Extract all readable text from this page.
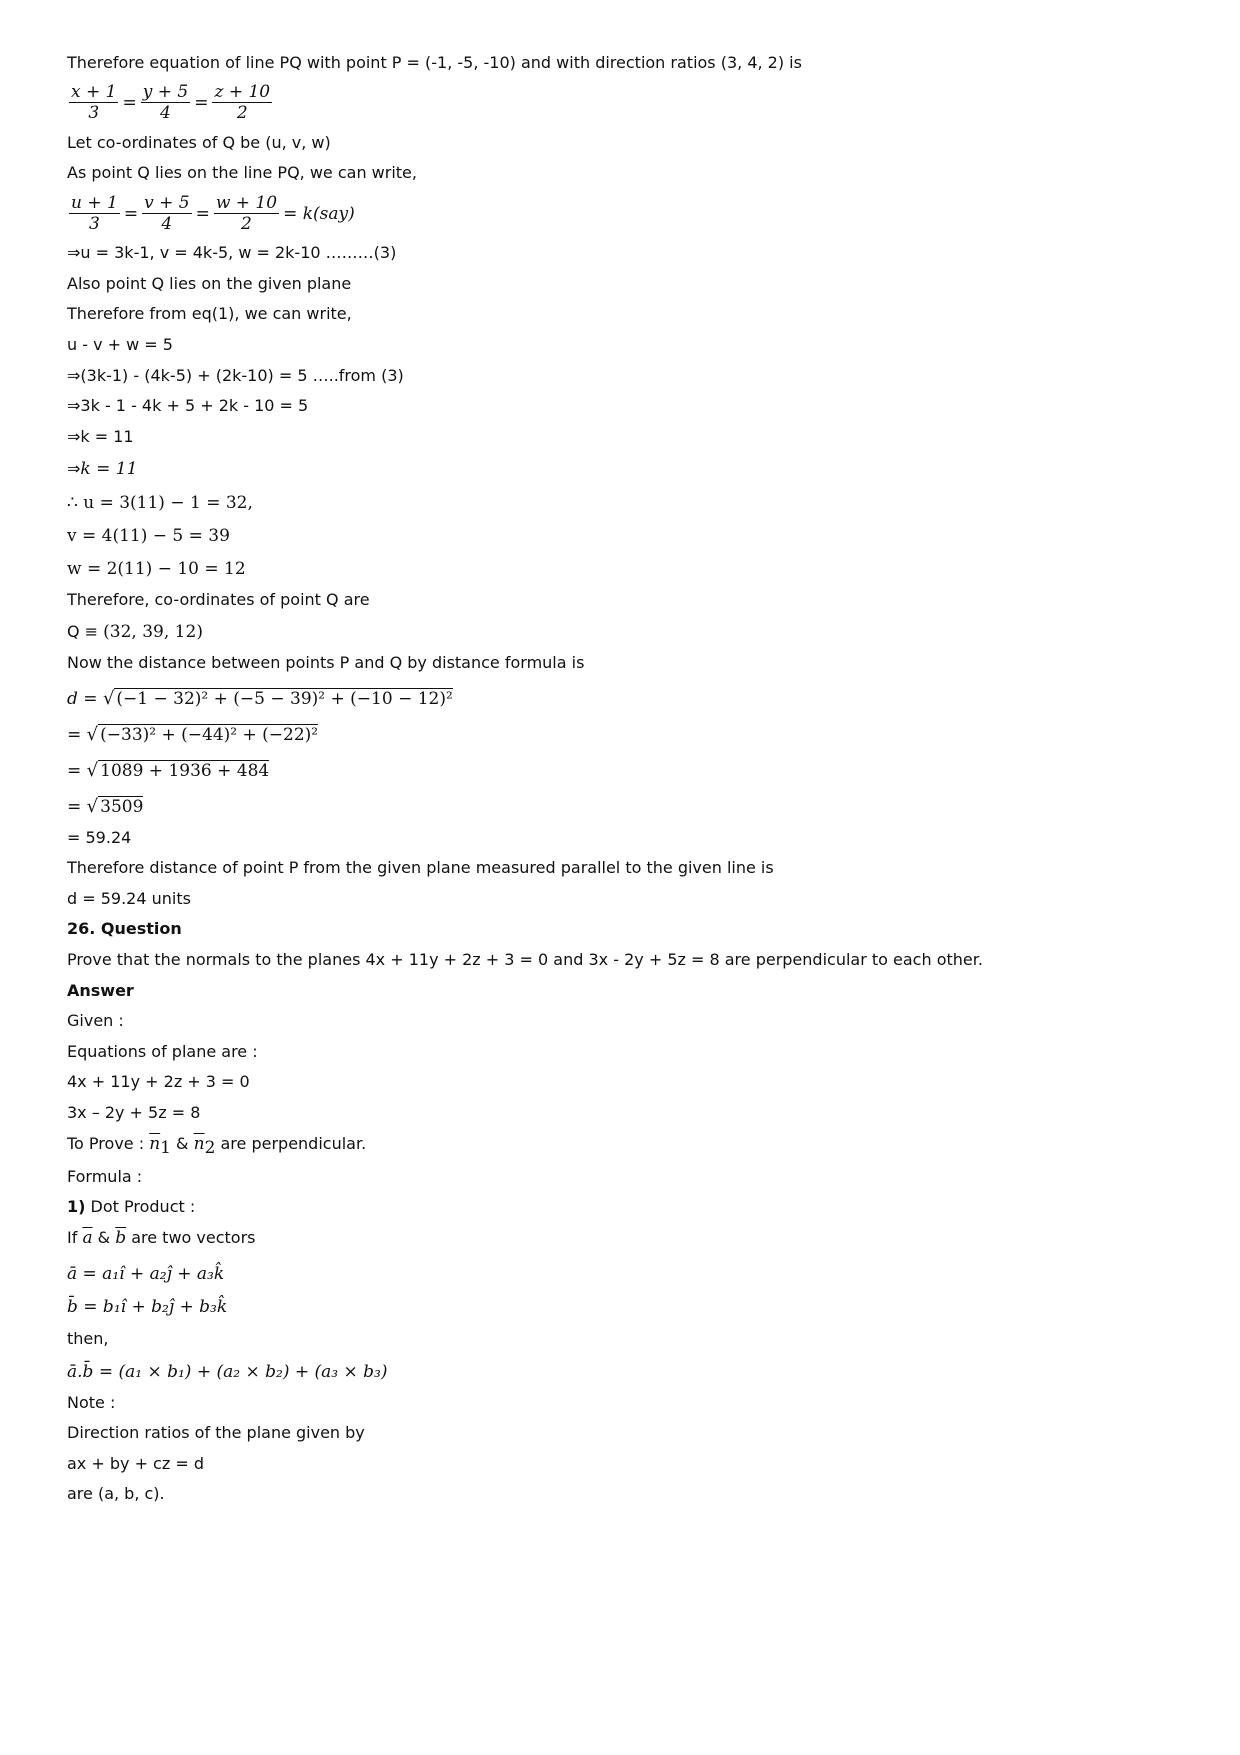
Therefore equation of line PQ with point P = (-1, -5, -10) and with direction ratios (3, 4, 2) is
$\frac{x + 1}{3} = \frac{y + 5}{4} = \frac{z + 10}{2}$
Let co-ordinates of Q be (u, v, w)
As point Q lies on the line PQ, we can write,
$\frac{u + 1}{3} = \frac{v + 5}{4} = \frac{w + 10}{2} = k(say)$
⇒u = 3k-1, v = 4k-5, w = 2k-10 ………(3)
Also point Q lies on the given plane
Therefore from eq(1), we can write,
u - v + w = 5
⇒(3k-1) - (4k-5) + (2k-10) = 5 …..from (3)
⇒3k - 1 - 4k + 5 + 2k - 10 = 5
⇒k = 11
⇒k = 11
∴ u = 3(11) − 1 = 32,
v = 4(11) − 5 = 39
w = 2(11) − 10 = 12
Therefore, co-ordinates of point Q are
Q ≡ (32, 39, 12)
Now the distance between points P and Q by distance formula is
d = √ (−1 − 32)² + (−5 − 39)² + (−10 − 12)²
= √ (−33)² + (−44)² + (−22)²
= √ 1089 + 1936 + 484
= √ 3509
= 59.24
Therefore distance of point P from the given plane measured parallel to the given line is
d = 59.24 units
26. Question
Prove that the normals to the planes 4x + 11y + 2z + 3 = 0 and 3x - 2y + 5z = 8 are perpendicular to each other.
Answer
Given :
Equations of plane are :
4x + 11y + 2z + 3 = 0
3x – 2y + 5z = 8
To Prove : $\overline{n}_1$ & $\overline{n}_2$ are perpendicular.
Formula :
1) Dot Product :
If $\overline{a}$ & $\overline{b}$ are two vectors
ā = a₁î + a₂ĵ + a₃k̂
b̄ = b₁î + b₂ĵ + b₃k̂
then,
ā.b̄ = (a₁ × b₁) + (a₂ × b₂) + (a₃ × b₃)
Note :
Direction ratios of the plane given by
ax + by + cz = d
are (a, b, c).
